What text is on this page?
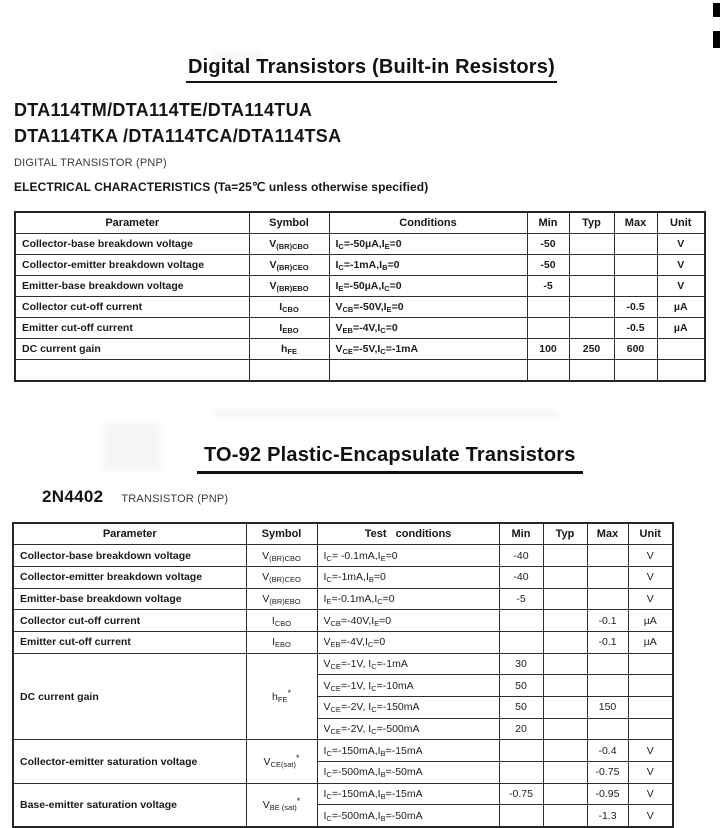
Digital Transistors (Built-in Resistors)
DTA114TM/DTA114TE/DTA114TUA
DTA114TKA /DTA114TCA/DTA114TSA
DIGITAL TRANSISTOR (PNP)
ELECTRICAL CHARACTERISTICS (Ta=25℃ unless otherwise specified)
Parameter	Symbol	Conditions	Min	Typ	Max	Unit
Collector-base breakdown voltage	$V_{(BR)CBO}$	$I_C=-50\mu A,I_E=0$	-50			V
Collector-emitter breakdown voltage	$V_{(BR)CEO}$	$I_C=-1mA,I_B=0$	-50			V
Emitter-base breakdown voltage	$V_{(BR)EBO}$	$I_E=-50\mu A,I_C=0$	-5			V
Collector cut-off current	$I_{CBO}$	$V_{CB}=-50V,I_E=0$			-0.5	µA
Emitter cut-off current	$I_{EBO}$	$V_{EB}=-4V,I_C=0$			-0.5	µA
DC current gain	$h_{FE}$	$V_{CE}=-5V,I_C=-1mA$	100	250	600	

TO-92 Plastic-Encapsulate Transistors
2N4402 TRANSISTOR (PNP)
Parameter	Symbol	Test   conditions	Min	Typ	Max	Unit
Collector-base breakdown voltage	$V_{(BR)CBO}$	$I_C= -0.1mA,I_E=0$	-40			V
Collector-emitter breakdown voltage	$V_{(BR)CEO}$	$I_C=-1mA,I_B=0$	-40			V
Emitter-base breakdown voltage	$V_{(BR)EBO}$	$I_E=-0.1mA,I_C=0$	-5			V
Collector cut-off current	$I_{CBO}$	$V_{CB}=-40V,I_E=0$			-0.1	µA
Emitter cut-off current	$I_{EBO}$	$V_{EB}=-4V,I_C=0$			-0.1	µA
DC current gain	$h_{FE}^*$	$V_{CE}=-1V$, $I_C=-1mA$	30			
		$V_{CE}=-1V$, $I_C=-10mA$	50			
		$V_{CE}=-2V$, $I_C=-150mA$	50		150	
		$V_{CE}=-2V$, $I_C=-500mA$	20			
Collector-emitter saturation voltage	$V_{CE(sat)}^*$	$I_C=-150mA,I_B=-15mA$			-0.4	V
		$I_C=-500mA,I_B=-50mA$			-0.75	V
Base-emitter saturation voltage	$V_{BE (sat)}^*$	$I_C=-150mA,I_B=-15mA$	-0.75		-0.95	V
		$I_C=-500mA,I_B=-50mA$			-1.3	V
